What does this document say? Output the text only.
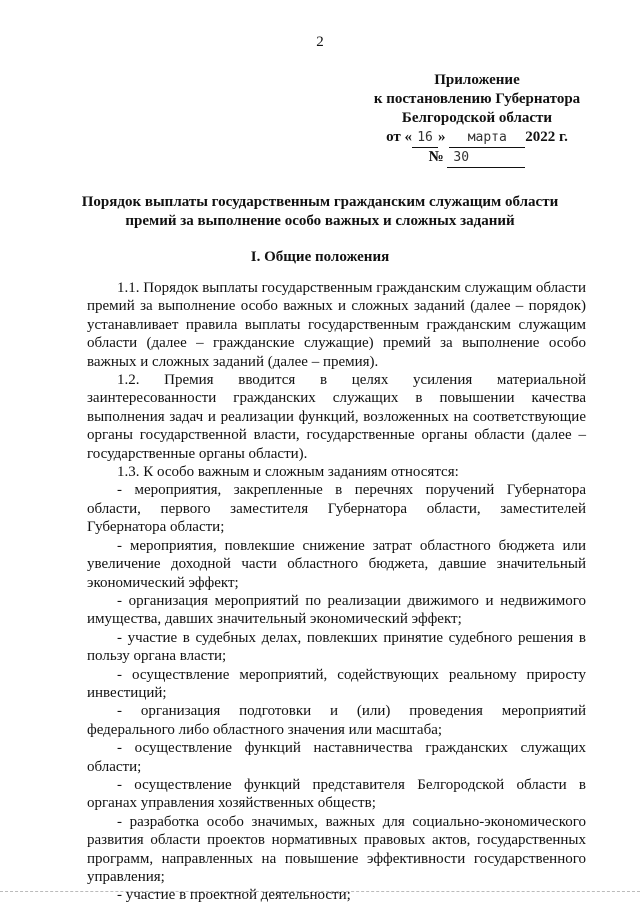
2
Приложение
к постановлению Губернатора
Белгородской области
от « 16 » марта 2022 г.
№ 30
Порядок выплаты государственным гражданским служащим области
премий за выполнение особо важных и сложных заданий
I. Общие положения

1.1. Порядок выплаты государственным гражданским служащим области премий за выполнение особо важных и сложных заданий (далее – порядок) устанавливает правила выплаты государственным гражданским служащим области (далее – гражданские служащие) премий за выполнение особо важных и сложных заданий (далее – премия).

1.2. Премия вводится в целях усиления материальной заинтересованности гражданских служащих в повышении качества выполнения задач и реализации функций, возложенных на соответствующие органы государственной власти, государственные органы области (далее – государственные органы области).

1.3. К особо важным и сложным заданиям относятся:

- мероприятия, закрепленные в перечнях поручений Губернатора области, первого заместителя Губернатора области, заместителей Губернатора области;

- мероприятия, повлекшие снижение затрат областного бюджета или увеличение доходной части областного бюджета, давшие значительный экономический эффект;

- организация мероприятий по реализации движимого и недвижимого имущества, давших значительный экономический эффект;

- участие в судебных делах, повлекших принятие судебного решения в пользу органа власти;

- осуществление мероприятий, содействующих реальному приросту инвестиций;

- организация подготовки и (или) проведения мероприятий федерального либо областного значения или масштаба;

- осуществление функций наставничества гражданских служащих области;

- осуществление функций представителя Белгородской области в органах управления хозяйственных обществ;

- разработка особо значимых, важных для социально-экономического развития области проектов нормативных правовых актов, государственных программ, направленных на повышение эффективности государственного управления;

- участие в проектной деятельности;
